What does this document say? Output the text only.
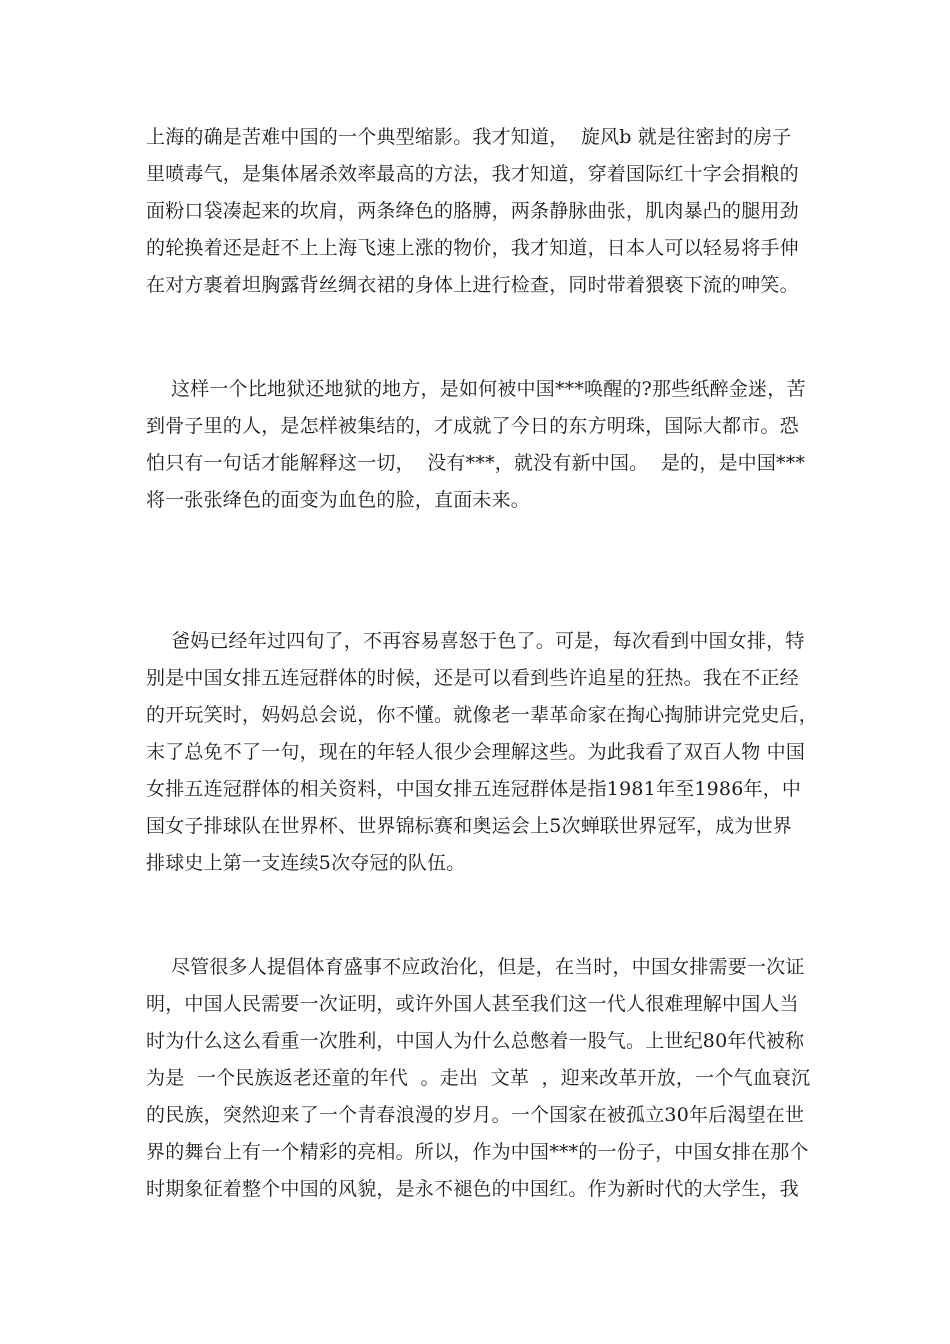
上海的确是苦难中国的一个典型缩影。我才知道，  旋风b 就是往密封的房子
里喷毒气，是集体屠杀效率最高的方法，我才知道，穿着国际红十字会捐粮的
面粉口袋凑起来的坎肩，两条绛色的胳膊，两条静脉曲张，肌肉暴凸的腿用劲
的轮换着还是赶不上上海飞速上涨的物价，我才知道，日本人可以轻易将手伸
在对方裹着坦胸露背丝绸衣裙的身体上进行检查，同时带着猥亵下流的呻笑。
这样一个比地狱还地狱的地方，是如何被中国***唤醒的?那些纸醉金迷，苦
到骨子里的人，是怎样被集结的，才成就了今日的东方明珠，国际大都市。恐
怕只有一句话才能解释这一切，  没有***，就没有新中国。  是的，是中国***
将一张张绛色的面变为血色的脸，直面未来。
爸妈已经年过四旬了，不再容易喜怒于色了。可是，每次看到中国女排，特
别是中国女排五连冠群体的时候，还是可以看到些许追星的狂热。我在不正经
的开玩笑时，妈妈总会说，你不懂。就像老一辈革命家在掏心掏肺讲完党史后，
末了总免不了一句，现在的年轻人很少会理解这些。为此我看了双百人物 中国
女排五连冠群体的相关资料，中国女排五连冠群体是指1981年至1986年，中
国女子排球队在世界杯、世界锦标赛和奥运会上5次蝉联世界冠军，成为世界
排球史上第一支连续5次夺冠的队伍。
尽管很多人提倡体育盛事不应政治化，但是，在当时，中国女排需要一次证
明，中国人民需要一次证明，或许外国人甚至我们这一代人很难理解中国人当
时为什么这么看重一次胜利，中国人为什么总憋着一股气。上世纪80年代被称
为是  一个民族返老还童的年代  。走出  文革  ，迎来改革开放，一个气血衰沉
的民族，突然迎来了一个青春浪漫的岁月。一个国家在被孤立30年后渴望在世
界的舞台上有一个精彩的亮相。所以，作为中国***的一份子，中国女排在那个
时期象征着整个中国的风貌，是永不褪色的中国红。作为新时代的大学生，我
